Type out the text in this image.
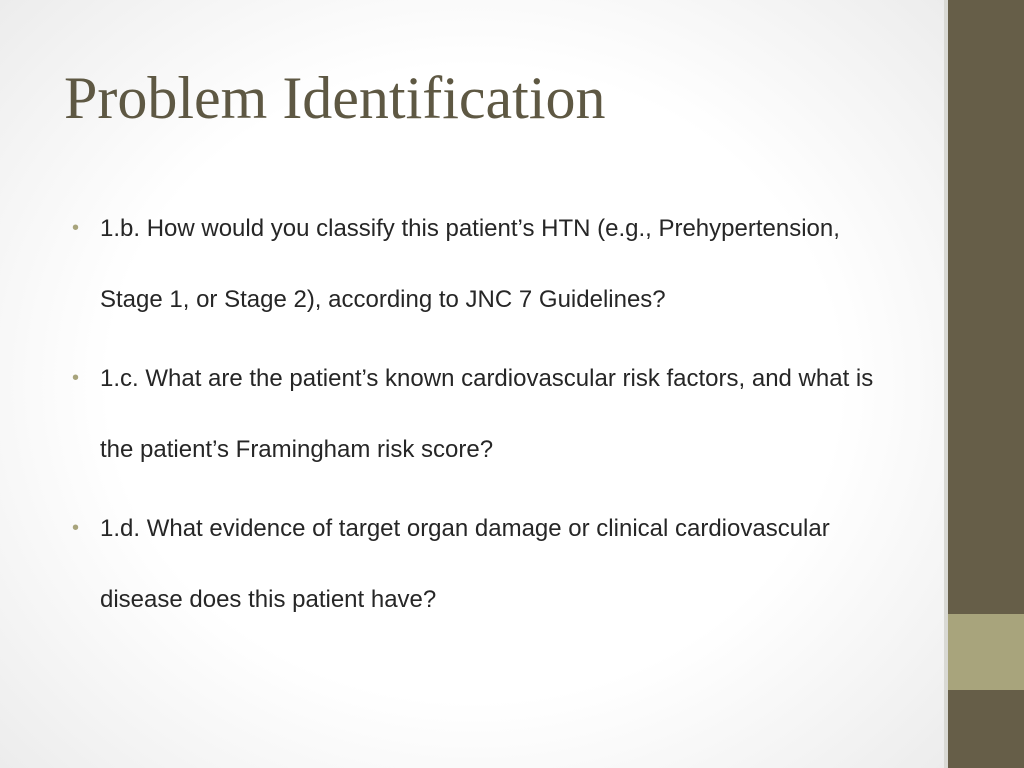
Problem Identification
• 1.b. How would you classify this patient’s HTN (e.g., Prehypertension, Stage 1, or Stage 2), according to JNC 7 Guidelines?
• 1.c. What are the patient’s known cardiovascular risk factors, and what is the patient’s Framingham risk score?
• 1.d. What evidence of target organ damage or clinical cardiovascular disease does this patient have?
